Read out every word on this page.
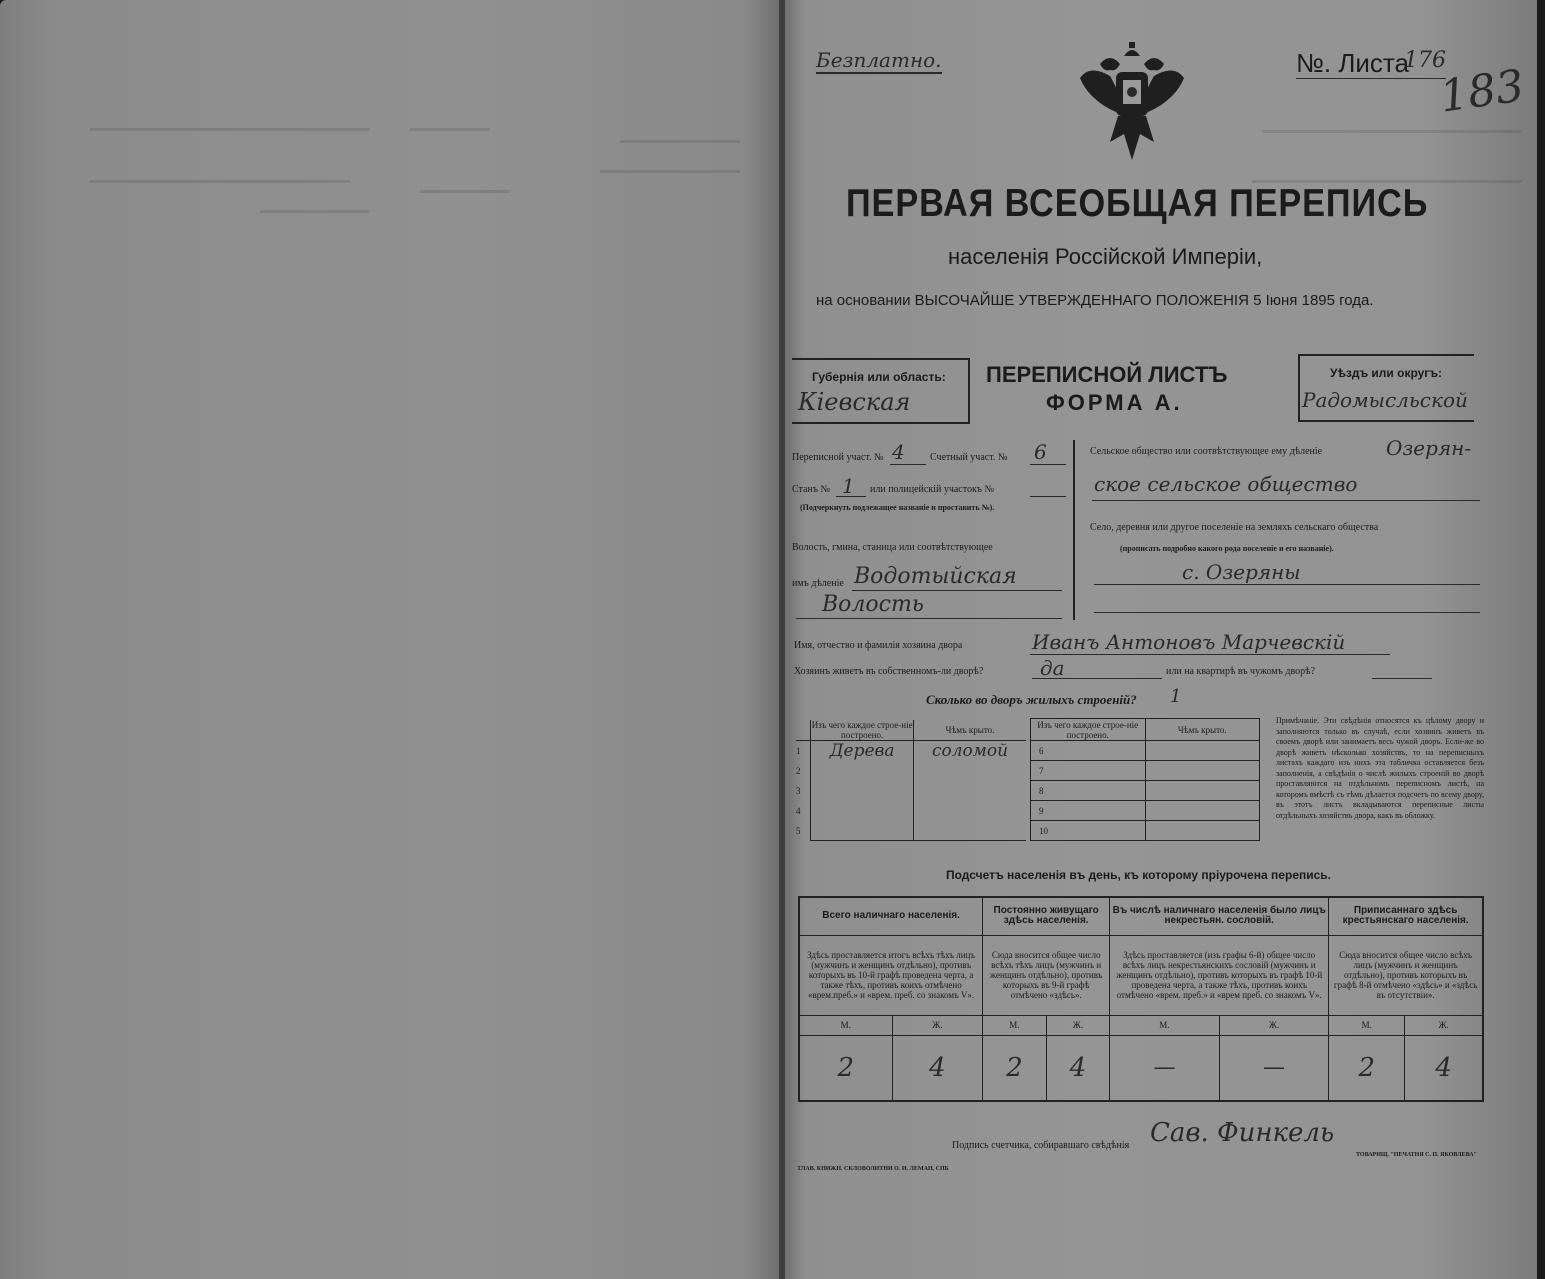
Безплатно.	№. Листа
176
183
ПЕРВАЯ ВСЕОБЩАЯ ПЕРЕПИСЬ
населенія Россійской Имперіи,
на основании ВЫСОЧАЙШЕ УТВЕРЖДЕННАГО ПОЛОЖЕНІЯ 5 Іюня 1895 года.
Губернія или область:
Кіевская
ПЕРЕПИСНОЙ ЛИСТЪ
ФОРМА А.
Уѣздъ или округъ:
Радомысльской
Переписной участ. № 4	Счетный участ. № 6
Станъ № 1 или полицейскій участокъ №
(Подчеркнуть подлежащее названіе и проставить №).
Волость, гмина, станица или соотвѣтствующее
имъ дѣленіе Водотыйская
Волость
Сельское общество или соотвѣтствующее ему дѣленіе	Озерян-
ское сельское общество
Село, деревня или другое поселеніе на земляхъ сельскаго общества
(прописать подробно какого рода поселеніе и его названіе).
с. Озеряны
Имя, отчество и фамилія хозяина двора	Иванъ Антоновъ Марчевскій
Хозяинъ живетъ въ собственномъ-ли дворѣ?	да	или на квартирѣ въ чужомъ дворѣ?
Сколько во дворъ жилыхъ строеній? 1
	Изъ чего каждое строе-ніе построено.	Чѣмъ крыто.
1	Дерева	соломой
2		
3		
4		
5		
Изъ чего каждое строе-ніе построено.	Чѣмъ крыто.
6	
7	
8	
9	
10	
Примѣчаніе. Эти свѣдѣнія относятся къ цѣлому двору и заполняются только въ случаѣ, если хозяинъ живетъ въ своемъ дворѣ или занимаетъ весь чужой дворъ. Если-же во дворѣ живетъ нѣсколько хозяйствъ, то на переписныхъ листахъ каждаго изъ нихъ эта табличка оставляется безъ заполненія, а свѣдѣнія о числѣ жилыхъ строеній во дворѣ проставляются на отдѣльномъ переписномъ листѣ, на которомъ вмѣстѣ съ тѣмъ дѣлается подсчетъ по всему двору, въ этотъ листъ вкладываются переписные листы отдѣльныхъ хозяйствъ двора, какъ въ обложку.
Подсчетъ населенія въ день, къ которому пріурочена перепись.
Всего наличнаго населенія.		Постоянно живущаго здѣсь населенія.		Въ числѣ наличнаго населенія было лицъ некрестьян. сословій.		Приписаннаго здѣсь крестьянскаго населенія.	
Здѣсь проставляется итогъ всѣхъ тѣхъ лицъ (мужчинъ и женщинъ отдѣльно), противъ которыхъ въ 10-й графѣ проведена черта, а также тѣхъ, противъ коихъ отмѣчено «врем.преб.» и «врем. преб. со знакомъ V».		Сюда вносится общее число всѣхъ тѣхъ лицъ (мужчинъ и женщинъ отдѣльно), противъ которыхъ въ 9-й графѣ отмѣчено «здѣсь».		Здѣсь проставляется (изъ графы 6-й) общее число всѣхъ лицъ некрестьянскихъ сословій (мужчинъ и женщинъ отдѣльно), противъ которыхъ въ графѣ 10-й проведена черта, а также тѣхъ, противъ коихъ отмѣчено «врем. преб.» и «врем преб. со знакомъ V».		Сюда вносится общее число всѣхъ лицъ (мужчинъ и женщинъ отдѣльно), противъ которыхъ въ графѣ 8-й отмѣчено «здѣсь» и «здѣсь въ отсутствіи».	
М.	Ж.	М.	Ж.	М.	Ж.	М.	Ж.
2	4	2	4	—	—	2	4
Подпись счетчика, собиравшаго свѣдѣнія Сав. Финкель
ГЛАВ. КНИЖН. СКЛОВОЛИТНИ О. И. ЛЕМАН, СПБ
ТОВАРИЩ. "ПЕЧАТНЯ С. П. ЯКОВЛЕВА"
